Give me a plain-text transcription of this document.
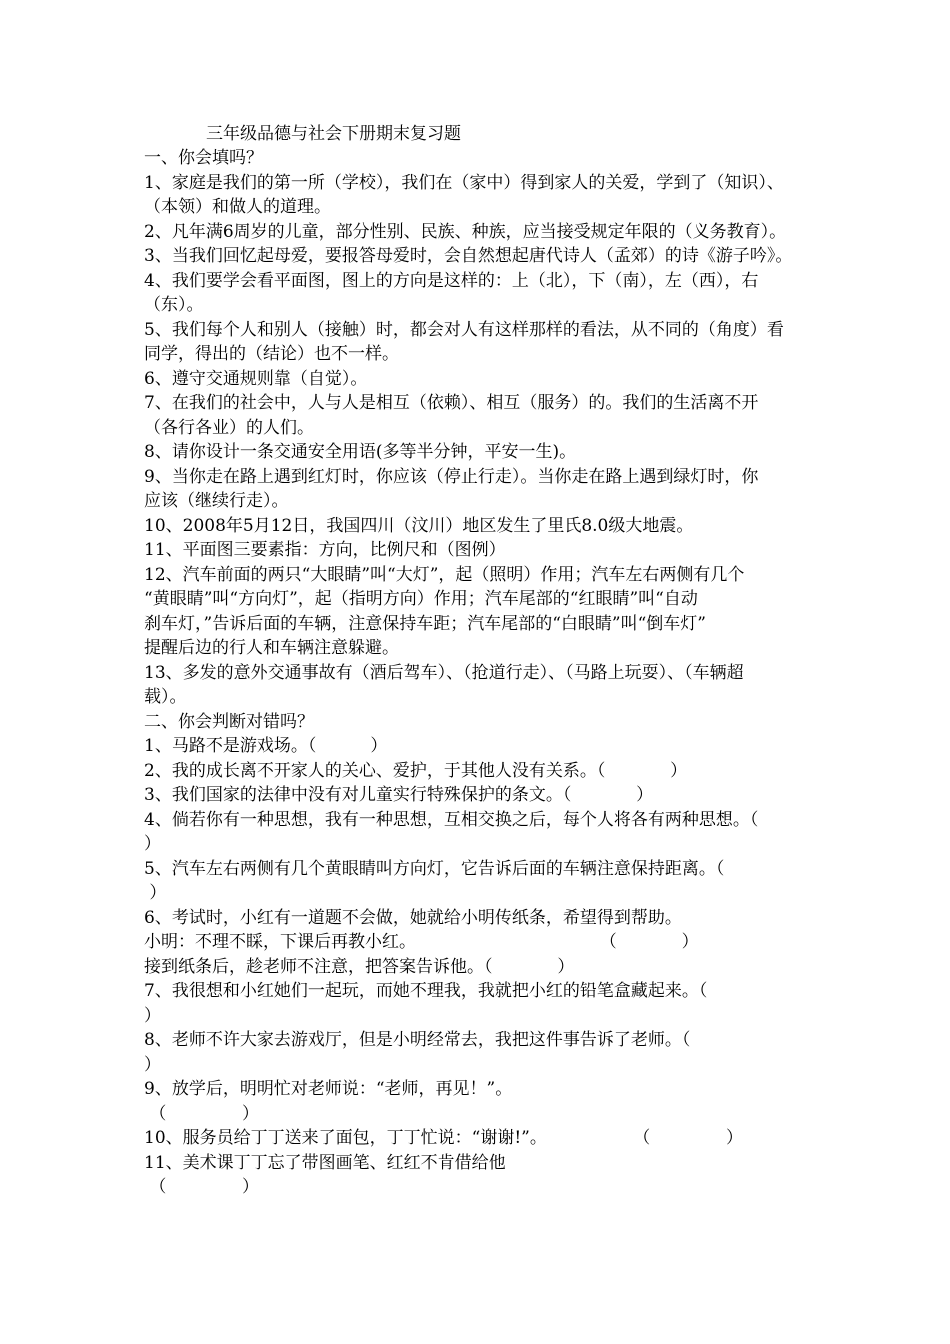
三年级品德与社会下册期末复习题
一、你会填吗？
1、家庭是我们的第一所（学校），我们在（家中）得到家人的关爱，学到了（知识）、
（本领）和做人的道理。
2、凡年满6周岁的儿童，部分性别、民族、种族，应当接受规定年限的（义务教育）。
3、当我们回忆起母爱，要报答母爱时，会自然想起唐代诗人（孟郊）的诗《游子吟》。
4、我们要学会看平面图，图上的方向是这样的：上（北），下（南），左（西），右
（东）。
5、我们每个人和别人（接触）时，都会对人有这样那样的看法，从不同的（角度）看
同学，得出的（结论）也不一样。
6、遵守交通规则靠（自觉）。
7、在我们的社会中，人与人是相互（依赖）、相互（服务）的。我们的生活离不开
（各行各业）的人们。
8、请你设计一条交通安全用语(多等半分钟，平安一生)。
9、当你走在路上遇到红灯时，你应该（停止行走）。当你走在路上遇到绿灯时，你
应该（继续行走）。
10、2008年5月12日，我国四川（汶川）地区发生了里氏8.0级大地震。
11、平面图三要素指：方向，比例尺和（图例）
12、汽车前面的两只“大眼睛”叫“大灯”，起（照明）作用；汽车左右两侧有几个
“黄眼睛”叫“方向灯”，起（指明方向）作用；汽车尾部的“红眼睛”叫“自动
刹车灯，”告诉后面的车辆，注意保持车距；汽车尾部的“白眼睛”叫“倒车灯”
提醒后边的行人和车辆注意躲避。
13、多发的意外交通事故有（酒后驾车）、（抢道行走）、（马路上玩耍）、（车辆超
载）。
二、你会判断对错吗？
1、马路不是游戏场。（          ）
2、我的成长离不开家人的关心、爱护，于其他人没有关系。（            ）
3、我们国家的法律中没有对儿童实行特殊保护的条文。（            ）
4、倘若你有一种思想，我有一种思想，互相交换之后，每个人将各有两种思想。（
）
5、汽车左右两侧有几个黄眼睛叫方向灯，它告诉后面的车辆注意保持距离。（
）
6、考试时，小红有一道题不会做，她就给小明传纸条，希望得到帮助。
小明：不理不睬，下课后再教小红。                                  （            ）
接到纸条后，趁老师不注意，把答案告诉他。（            ）
7、我很想和小红她们一起玩，而她不理我，我就把小红的铅笔盒藏起来。（
）
8、老师不许大家去游戏厅，但是小明经常去，我把这件事告诉了老师。（
）
9、放学后，明明忙对老师说：“老师，再见！”。
（              ）
10、服务员给丁丁送来了面包，丁丁忙说：“谢谢!”。                （              ）
11、美术课丁丁忘了带图画笔、红红不肯借给他
（              ）
